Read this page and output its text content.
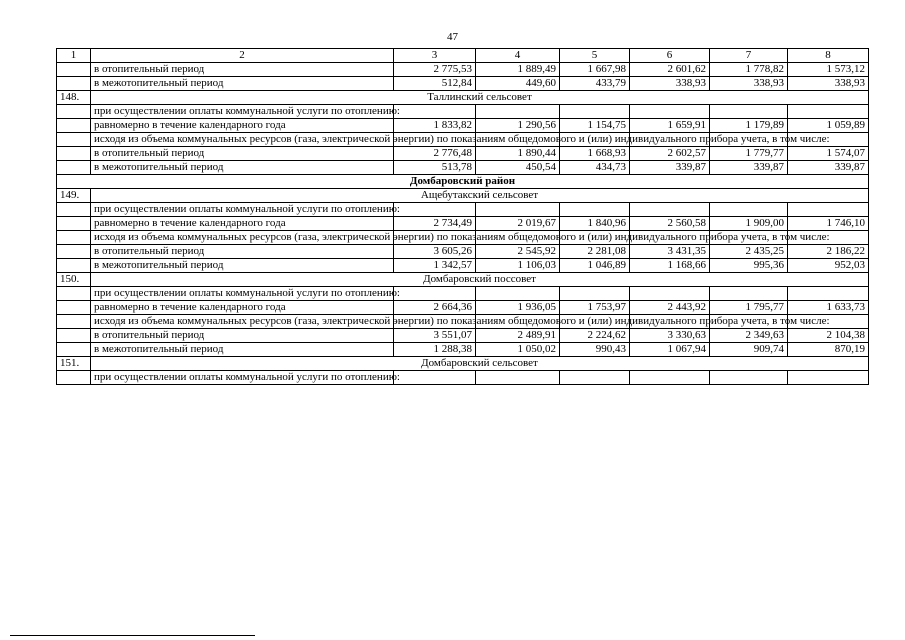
47
1	2	3	4	5	6	7	8
	в отопительный период	2 775,53	1 889,49	1 667,98	2 601,62	1 778,82	1 573,12
	в межотопительный период	512,84	449,60	433,79	338,93	338,93	338,93
148.	Таллинский сельсовет						
	при осуществлении оплаты коммунальной услуги по отоплению:						
	равномерно в течение календарного года	1 833,82	1 290,56	1 154,75	1 659,91	1 179,89	1 059,89
	исходя из объема коммунальных ресурсов (газа, электрической энергии) по показаниям общедомового и (или) индивидуального прибора учета, в том числе:						
	в отопительный период	2 776,48	1 890,44	1 668,93	2 602,57	1 779,77	1 574,07
	в межотопительный период	513,78	450,54	434,73	339,87	339,87	339,87
Домбаровский район							
149.	Ащебутакский сельсовет						
	при осуществлении оплаты коммунальной услуги по отоплению:						
	равномерно в течение календарного года	2 734,49	2 019,67	1 840,96	2 560,58	1 909,00	1 746,10
	исходя из объема коммунальных ресурсов (газа, электрической энергии) по показаниям общедомового и (или) индивидуального прибора учета, в том числе:						
	в отопительный период	3 605,26	2 545,92	2 281,08	3 431,35	2 435,25	2 186,22
	в межотопительный период	1 342,57	1 106,03	1 046,89	1 168,66	995,36	952,03
150.	Домбаровский поссовет						
	при осуществлении оплаты коммунальной услуги по отоплению:						
	равномерно в течение календарного года	2 664,36	1 936,05	1 753,97	2 443,92	1 795,77	1 633,73
	исходя из объема коммунальных ресурсов (газа, электрической энергии) по показаниям общедомового и (или) индивидуального прибора учета, в том числе:						
	в отопительный период	3 551,07	2 489,91	2 224,62	3 330,63	2 349,63	2 104,38
	в межотопительный период	1 288,38	1 050,02	990,43	1 067,94	909,74	870,19
151.	Домбаровский сельсовет						
	при осуществлении оплаты коммунальной услуги по отоплению:						
